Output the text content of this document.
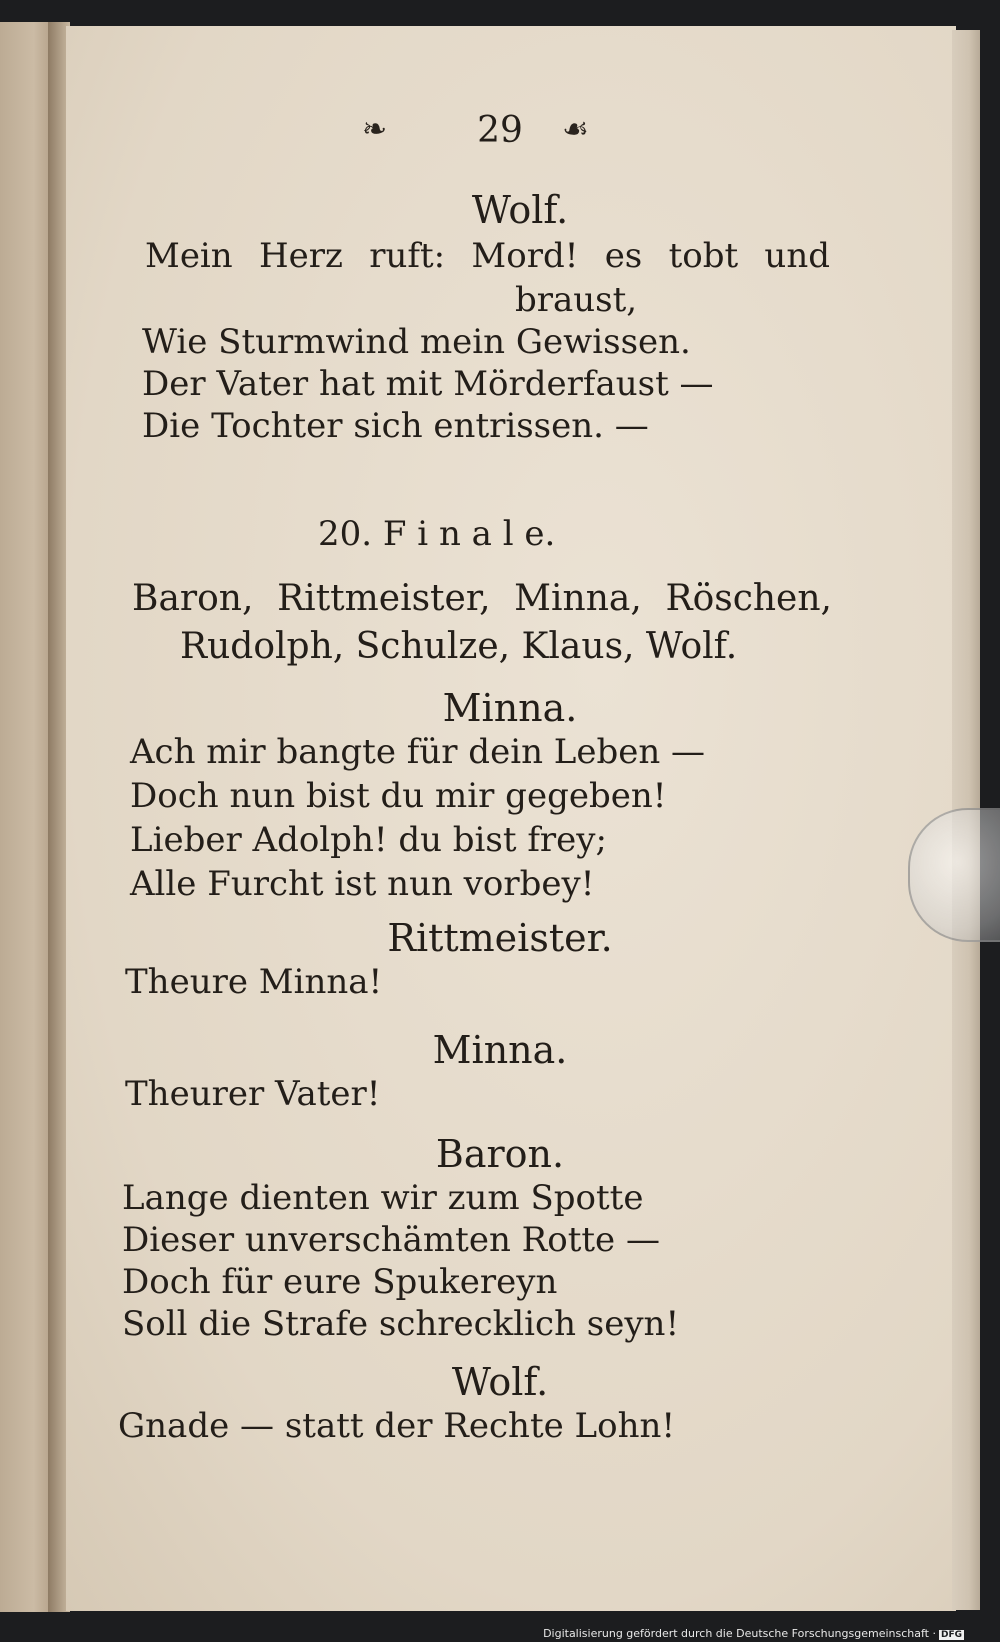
❧	29	☙
Wolf.
Mein Herz ruft: Mord! es tobt und
braust,
Wie Sturmwind mein Gewissen.
Der Vater hat mit Mörderfaust —
Die Tochter sich entrissen. —
20. F i n a l e.
Baron, Rittmeister, Minna, Röschen,
Rudolph, Schulze, Klaus, Wolf.
Minna.
Ach mir bangte für dein Leben —
Doch nun bist du mir gegeben!
Lieber Adolph! du bist frey;
Alle Furcht ist nun vorbey!
Rittmeister.
Theure Minna!
Minna.
Theurer Vater!
Baron.
Lange dienten wir zum Spotte
Dieser unverschämten Rotte —
Doch für eure Spukereyn
Soll die Strafe schrecklich seyn!
Wolf.
Gnade — statt der Rechte Lohn!
Digitalisierung gefördert durch die Deutsche Forschungsgemeinschaft · DFG
